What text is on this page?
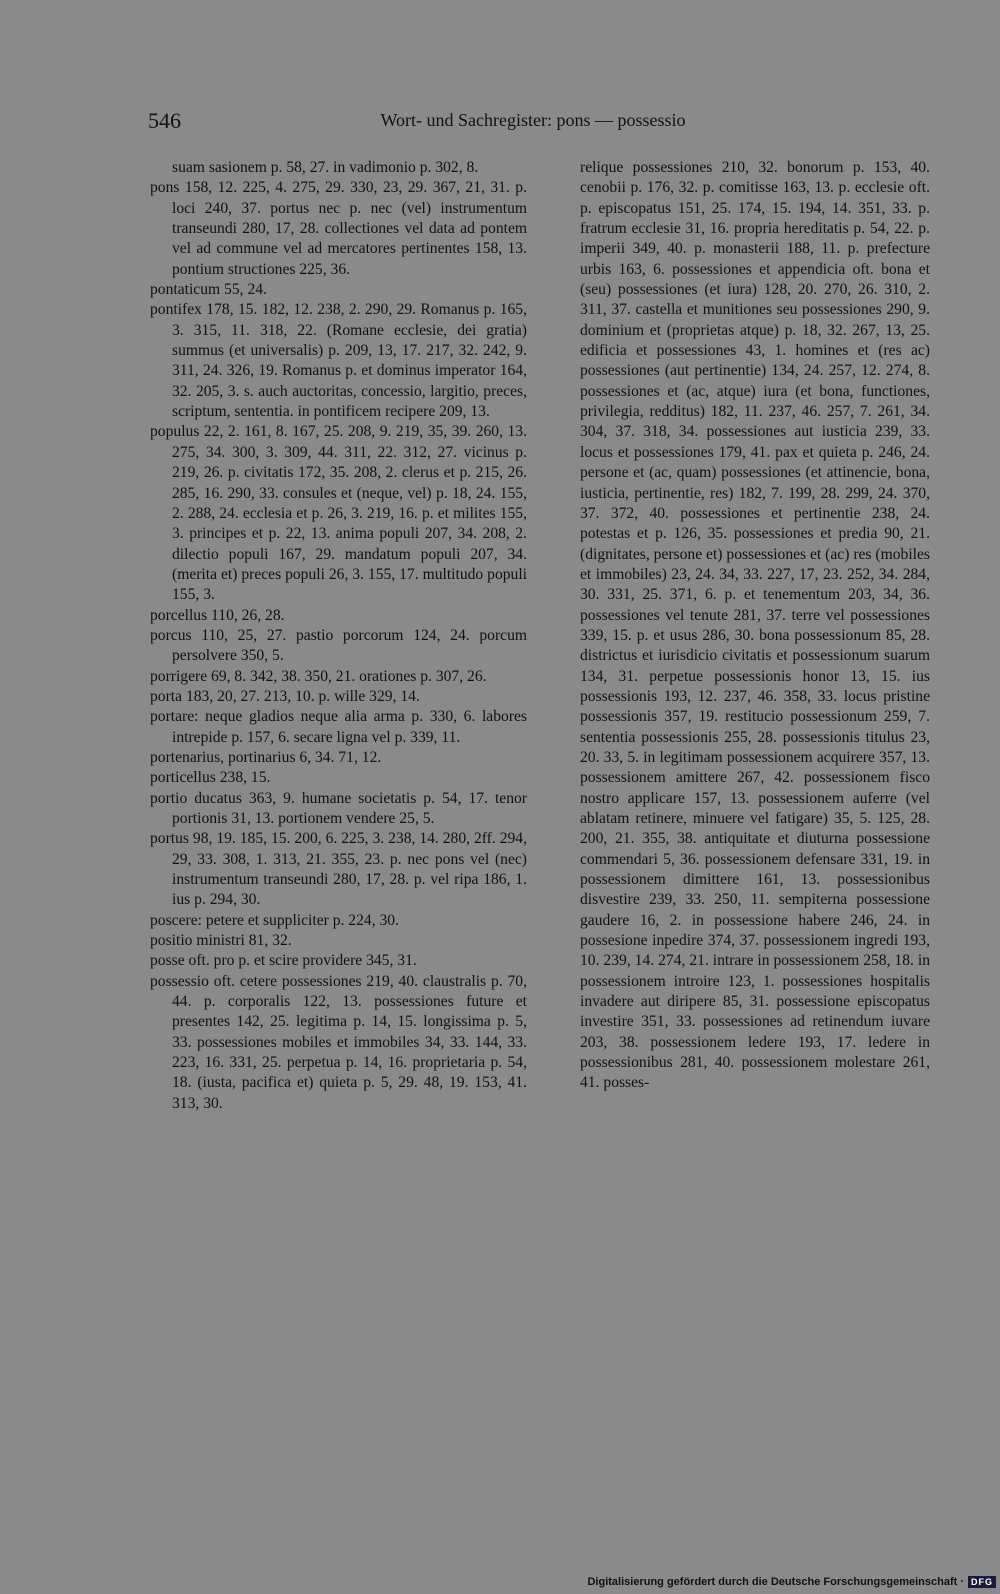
546	Wort- und Sachregister: pons — possessio

suam sasionem p. 58, 27. in vadimonio p. 302, 8.

pons 158, 12. 225, 4. 275, 29. 330, 23, 29. 367, 21, 31. p. loci 240, 37. portus nec p. nec (vel) instrumentum transeundi 280, 17, 28. collectiones vel data ad pontem vel ad commune vel ad mercatores pertinentes 158, 13. pontium structiones 225, 36.

pontaticum 55, 24.

pontifex 178, 15. 182, 12. 238, 2. 290, 29. Romanus p. 165, 3. 315, 11. 318, 22. (Romane ecclesie, dei gratia) summus (et universalis) p. 209, 13, 17. 217, 32. 242, 9. 311, 24. 326, 19. Romanus p. et dominus imperator 164, 32. 205, 3. s. auch auctoritas, concessio, largitio, preces, scriptum, sententia. in pontificem recipere 209, 13.

populus 22, 2. 161, 8. 167, 25. 208, 9. 219, 35, 39. 260, 13. 275, 34. 300, 3. 309, 44. 311, 22. 312, 27. vicinus p. 219, 26. p. civitatis 172, 35. 208, 2. clerus et p. 215, 26. 285, 16. 290, 33. consules et (neque, vel) p. 18, 24. 155, 2. 288, 24. ecclesia et p. 26, 3. 219, 16. p. et milites 155, 3. principes et p. 22, 13. anima populi 207, 34. 208, 2. dilectio populi 167, 29. mandatum populi 207, 34. (merita et) preces populi 26, 3. 155, 17. multitudo populi 155, 3.

porcellus 110, 26, 28.

porcus 110, 25, 27. pastio porcorum 124, 24. porcum persolvere 350, 5.

porrigere 69, 8. 342, 38. 350, 21. orationes p. 307, 26.

porta 183, 20, 27. 213, 10. p. wille 329, 14.

portare: neque gladios neque alia arma p. 330, 6. labores intrepide p. 157, 6. secare ligna vel p. 339, 11.

portenarius, portinarius 6, 34. 71, 12.

porticellus 238, 15.

portio ducatus 363, 9. humane societatis p. 54, 17. tenor portionis 31, 13. portionem vendere 25, 5.

portus 98, 19. 185, 15. 200, 6. 225, 3. 238, 14. 280, 2ff. 294, 29, 33. 308, 1. 313, 21. 355, 23. p. nec pons vel (nec) instrumentum transeundi 280, 17, 28. p. vel ripa 186, 1. ius p. 294, 30.

poscere: petere et suppliciter p. 224, 30.

positio ministri 81, 32.

posse oft. pro p. et scire providere 345, 31.

possessio oft. cetere possessiones 219, 40. claustralis p. 70, 44. p. corporalis 122, 13. possessiones future et presentes 142, 25. legitima p. 14, 15. longissima p. 5, 33. possessiones mobiles et immobiles 34, 33. 144, 33. 223, 16. 331, 25. perpetua p. 14, 16. proprietaria p. 54, 18. (iusta, pacifica et) quieta p. 5, 29. 48, 19. 153, 41. 313, 30.

relique possessiones 210, 32. bonorum p. 153, 40. cenobii p. 176, 32. p. comitisse 163, 13. p. ecclesie oft. p. episcopatus 151, 25. 174, 15. 194, 14. 351, 33. p. fratrum ecclesie 31, 16. propria hereditatis p. 54, 22. p. imperii 349, 40. p. monasterii 188, 11. p. prefecture urbis 163, 6. possessiones et appendicia oft. bona et (seu) possessiones (et iura) 128, 20. 270, 26. 310, 2. 311, 37. castella et munitiones seu possessiones 290, 9. dominium et (proprietas atque) p. 18, 32. 267, 13, 25. edificia et possessiones 43, 1. homines et (res ac) possessiones (aut pertinentie) 134, 24. 257, 12. 274, 8. possessiones et (ac, atque) iura (et bona, functiones, privilegia, redditus) 182, 11. 237, 46. 257, 7. 261, 34. 304, 37. 318, 34. possessiones aut iusticia 239, 33. locus et possessiones 179, 41. pax et quieta p. 246, 24. persone et (ac, quam) possessiones (et attinencie, bona, iusticia, pertinentie, res) 182, 7. 199, 28. 299, 24. 370, 37. 372, 40. possessiones et pertinentie 238, 24. potestas et p. 126, 35. possessiones et predia 90, 21. (dignitates, persone et) possessiones et (ac) res (mobiles et immobiles) 23, 24. 34, 33. 227, 17, 23. 252, 34. 284, 30. 331, 25. 371, 6. p. et tenementum 203, 34, 36. possessiones vel tenute 281, 37. terre vel possessiones 339, 15. p. et usus 286, 30. bona possessionum 85, 28. districtus et iurisdicio civitatis et possessionum suarum 134, 31. perpetue possessionis honor 13, 15. ius possessionis 193, 12. 237, 46. 358, 33. locus pristine possessionis 357, 19. restitucio possessionum 259, 7. sententia possessionis 255, 28. possessionis titulus 23, 20. 33, 5. in legitimam possessionem acquirere 357, 13. possessionem amittere 267, 42. possessionem fisco nostro applicare 157, 13. possessionem auferre (vel ablatam retinere, minuere vel fatigare) 35, 5. 125, 28. 200, 21. 355, 38. antiquitate et diuturna possessione commendari 5, 36. possessionem defensare 331, 19. in possessionem dimittere 161, 13. possessionibus disvestire 239, 33. 250, 11. sempiterna possessione gaudere 16, 2. in possessione habere 246, 24. in possesione inpedire 374, 37. possessionem ingredi 193, 10. 239, 14. 274, 21. intrare in possessionem 258, 18. in possessionem introire 123, 1. possessiones hospitalis invadere aut diripere 85, 31. possessione episcopatus investire 351, 33. possessiones ad retinendum iuvare 203, 38. possessionem ledere 193, 17. ledere in possessionibus 281, 40. possessionem molestare 261, 41. posses-

Digitalisierung gefördert durch die Deutsche Forschungsgemeinschaft · DFG
